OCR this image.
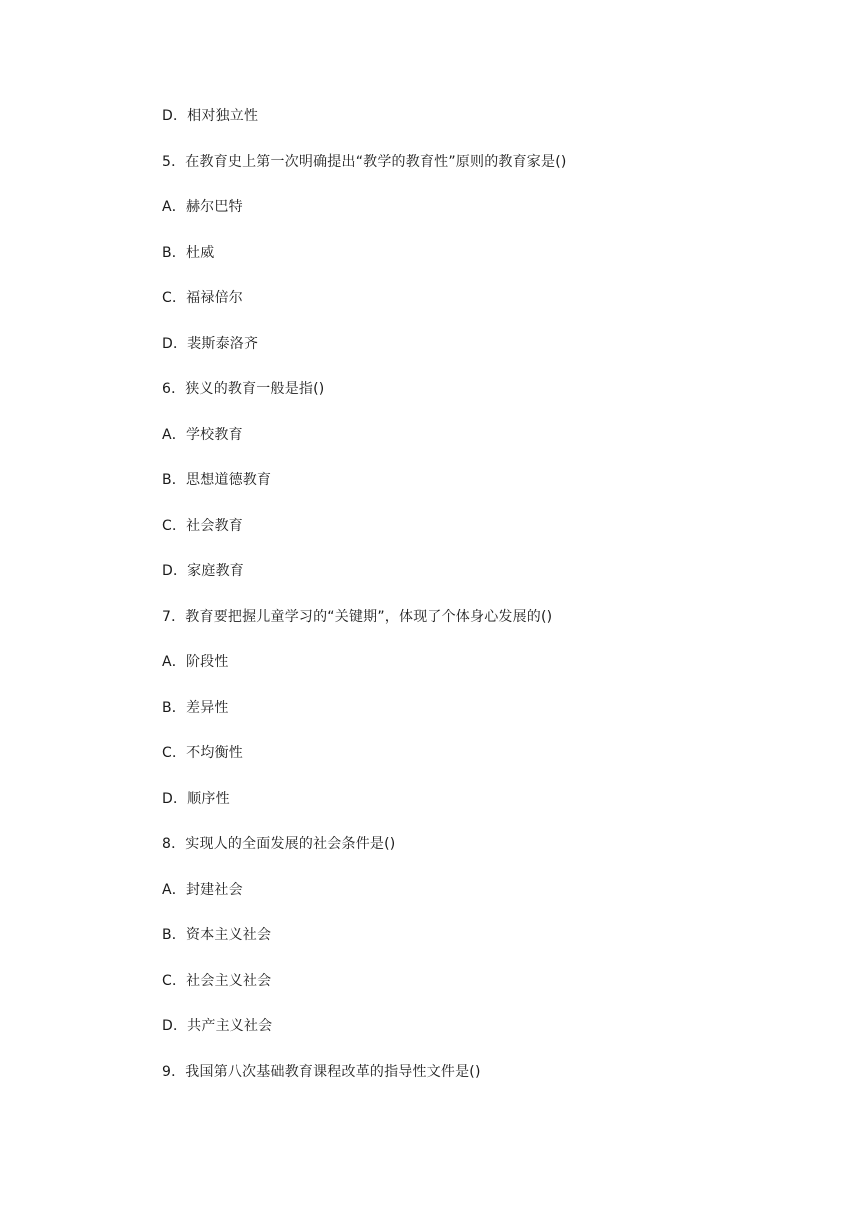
D．相对独立性
5．在教育史上第一次明确提出“教学的教育性”原则的教育家是()
A．赫尔巴特
B．杜威
C．福禄倍尔
D．裴斯泰洛齐
6．狭义的教育一般是指()
A．学校教育
B．思想道德教育
C．社会教育
D．家庭教育
7．教育要把握儿童学习的“关键期”，体现了个体身心发展的()
A．阶段性
B．差异性
C．不均衡性
D．顺序性
8．实现人的全面发展的社会条件是()
A．封建社会
B．资本主义社会
C．社会主义社会
D．共产主义社会
9．我国第八次基础教育课程改革的指导性文件是()
